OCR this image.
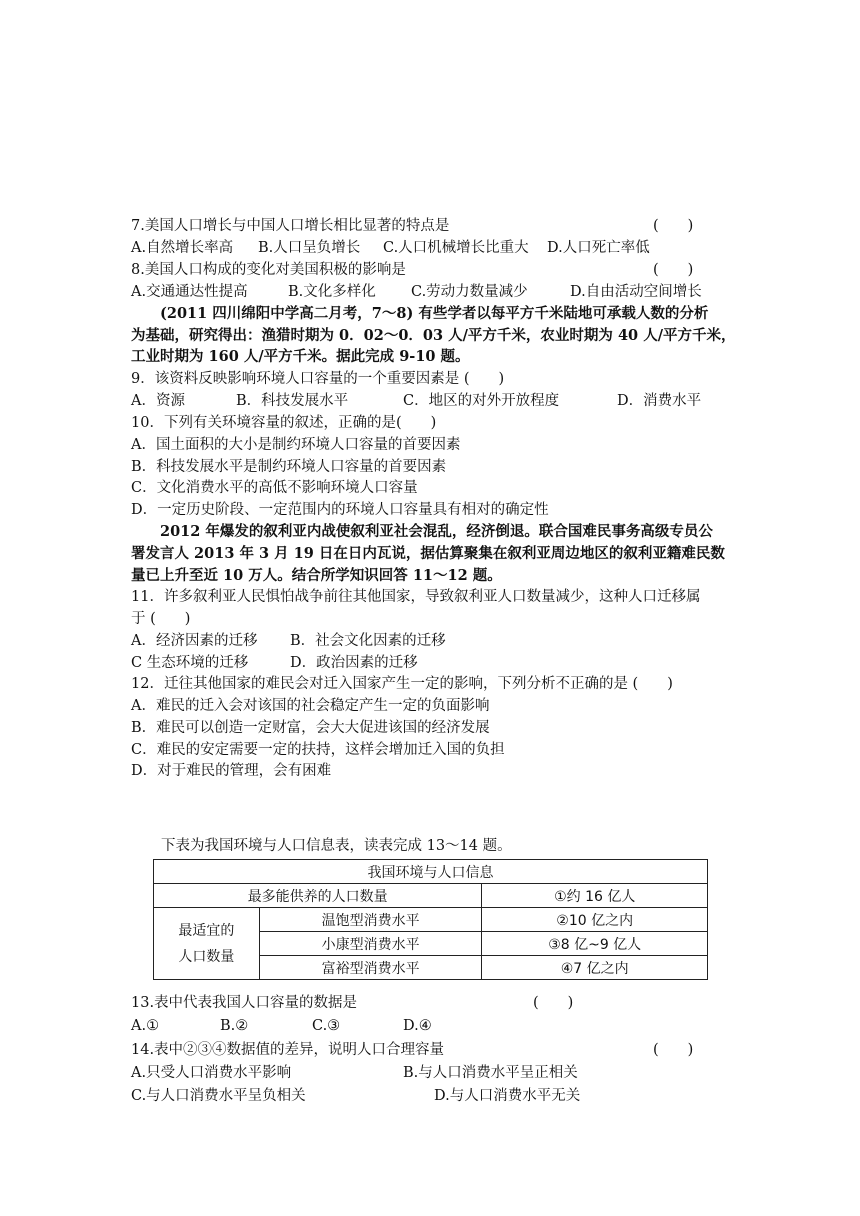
7.美国人口增长与中国人口增长相比显著的特点是	(　　)
A.自然增长率高 B.人口呈负增长 C.人口机械增长比重大 D.人口死亡率低
8.美国人口构成的变化对美国积极的影响是	(　　)
A.交通通达性提高	B.文化多样化 C.劳动力数量减少	D.自由活动空间增长
　　(2011 四川绵阳中学高二月考，7～8) 有些学者以每平方千米陆地可承载人数的分析
为基础，研究得出：渔猎时期为 0．02～0．03 人/平方千米，农业时期为 40 人/平方千米，
工业时期为 160 人/平方千米。据此完成 9-10 题。
9．该资料反映影响环境人口容量的一个重要因素是 (　　)
A．资源	B．科技发展水平	C．地区的对外开放程度	D．消费水平
10．下列有关环境容量的叙述，正确的是(　　)
A．国土面积的大小是制约环境人口容量的首要因素
B．科技发展水平是制约环境人口容量的首要因素
C．文化消费水平的高低不影响环境人口容量
D．一定历史阶段、一定范围内的环境人口容量具有相对的确定性
　　2012 年爆发的叙利亚内战使叙利亚社会混乱，经济倒退。联合国难民事务高级专员公
署发言人 2013 年 3 月 19 日在日内瓦说，据估算聚集在叙利亚周边地区的叙利亚籍难民数
量已上升至近 10 万人。结合所学知识回答 11～12 题。
11．许多叙利亚人民惧怕战争前往其他国家，导致叙利亚人口数量减少，这种人口迁移属
于 (　　)
A．经济因素的迁移 B．社会文化因素的迁移
C 生态环境的迁移	D．政治因素的迁移
12．迁往其他国家的难民会对迁入国家产生一定的影响，下列分析不正确的是 (　　)
A．难民的迁入会对该国的社会稳定产生一定的负面影响
B．难民可以创造一定财富，会大大促进该国的经济发展
C．难民的安定需要一定的扶持，这样会增加迁入国的负担
D．对于难民的管理，会有困难
下表为我国环境与人口信息表，读表完成 13～14 题。
我国环境与人口信息		
最多能供养的人口数量		①约 16 亿人

最适宜的
人口数量	温饱型消费水平	②10 亿之内
	小康型消费水平	③8 亿~9 亿人
	富裕型消费水平	④7 亿之内
13.表中代表我国人口容量的数据是	(　　)
A.①	B.②	C.③	D.④
14.表中②③④数据值的差异，说明人口合理容量	(　　)
A.只受人口消费水平影响	B.与人口消费水平呈正相关
C.与人口消费水平呈负相关	D.与人口消费水平无关
